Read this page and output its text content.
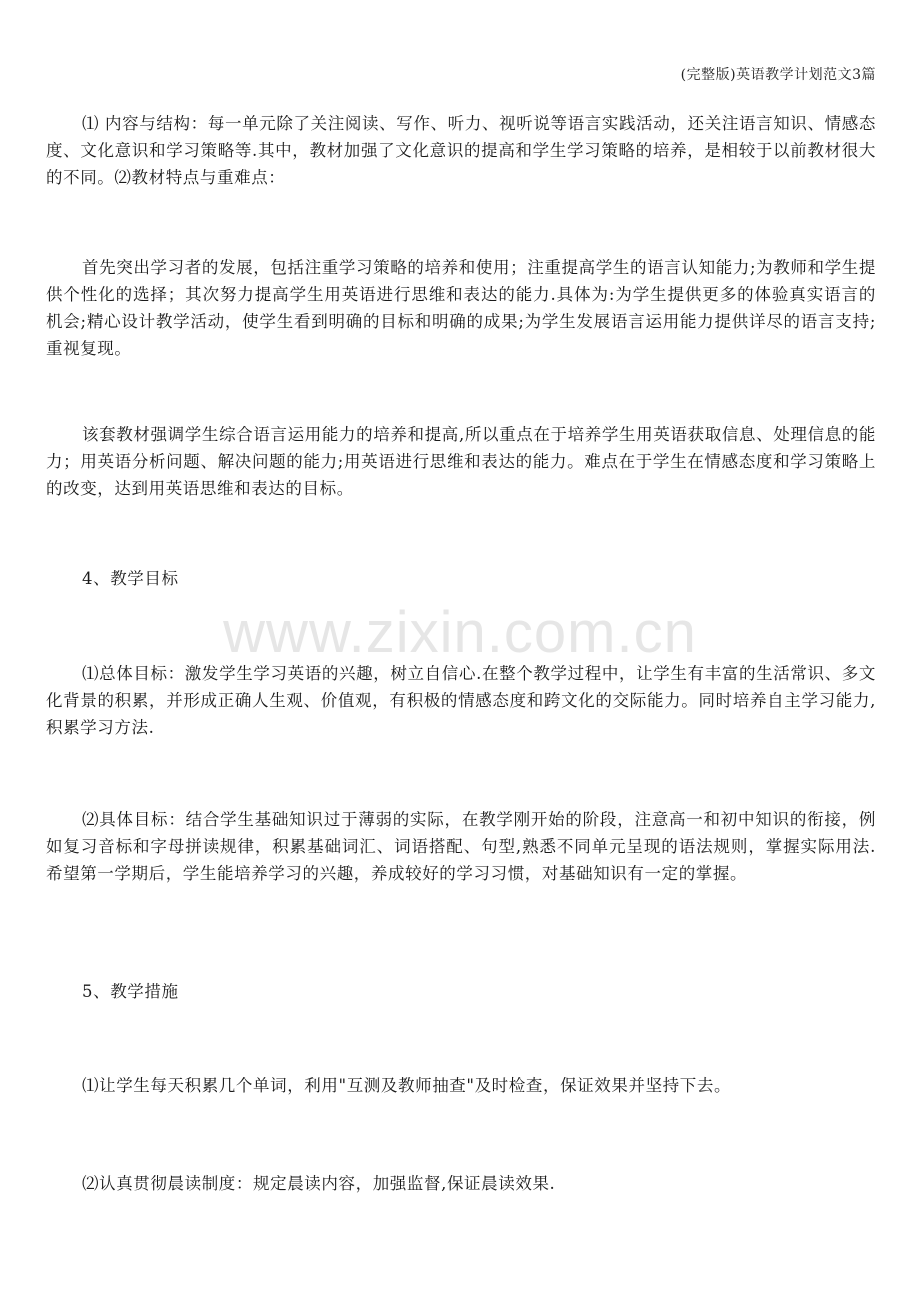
(完整版)英语教学计划范文3篇
www.zixin.com.cn

⑴ 内容与结构：每一单元除了关注阅读、写作、听力、视听说等语言实践活动，还关注语言知识、情感态度、文化意识和学习策略等.其中，教材加强了文化意识的提高和学生学习策略的培养，是相较于以前教材很大的不同。⑵教材特点与重难点：

首先突出学习者的发展，包括注重学习策略的培养和使用；注重提高学生的语言认知能力;为教师和学生提供个性化的选择；其次努力提高学生用英语进行思维和表达的能力.具体为:为学生提供更多的体验真实语言的机会;精心设计教学活动，使学生看到明确的目标和明确的成果;为学生发展语言运用能力提供详尽的语言支持;重视复现。

该套教材强调学生综合语言运用能力的培养和提高,所以重点在于培养学生用英语获取信息、处理信息的能力；用英语分析问题、解决问题的能力;用英语进行思维和表达的能力。难点在于学生在情感态度和学习策略上的改变，达到用英语思维和表达的目标。

4、教学目标

⑴总体目标：激发学生学习英语的兴趣，树立自信心.在整个教学过程中，让学生有丰富的生活常识、多文化背景的积累，并形成正确人生观、价值观，有积极的情感态度和跨文化的交际能力。同时培养自主学习能力,积累学习方法.

⑵具体目标：结合学生基础知识过于薄弱的实际，在教学刚开始的阶段，注意高一和初中知识的衔接，例如复习音标和字母拼读规律，积累基础词汇、词语搭配、句型,熟悉不同单元呈现的语法规则，掌握实际用法.希望第一学期后，学生能培养学习的兴趣，养成较好的学习习惯，对基础知识有一定的掌握。

5、教学措施

⑴让学生每天积累几个单词，利用"互测及教师抽查"及时检查，保证效果并坚持下去。

⑵认真贯彻晨读制度：规定晨读内容，加强监督,保证晨读效果.
